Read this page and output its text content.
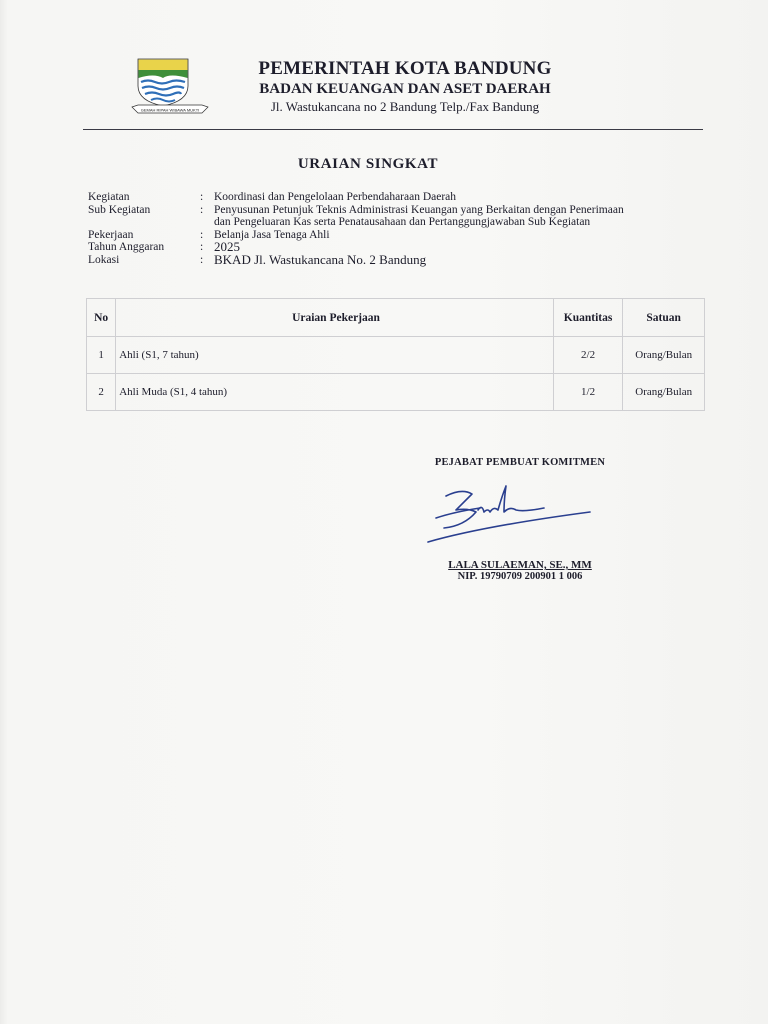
GEMAH RIPAH WIBAWA MUKTI
PEMERINTAH KOTA BANDUNG
BADAN KEUANGAN DAN ASET DAERAH
Jl. Wastukancana no 2 Bandung Telp./Fax Bandung
URAIAN SINGKAT
Kegiatan	: Koordinasi dan Pengelolaan Perbendaharaan Daerah
Sub Kegiatan	: Penyusunan Petunjuk Teknis Administrasi Keuangan yang Berkaitan dengan Penerimaan
dan Pengeluaran Kas serta Penatausahaan dan Pertanggungjawaban Sub Kegiatan
Pekerjaan	: Belanja Jasa Tenaga Ahli
Tahun Anggaran	: 2025
Lokasi	: BKAD Jl. Wastukancana No. 2 Bandung
No	Uraian Pekerjaan	Kuantitas	Satuan
1	Ahli (S1, 7 tahun)	2/2	Orang/Bulan
2	Ahli Muda (S1, 4 tahun)	1/2	Orang/Bulan
PEJABAT PEMBUAT KOMITMEN
LALA SULAEMAN, SE., MM
NIP. 19790709 200901 1 006
